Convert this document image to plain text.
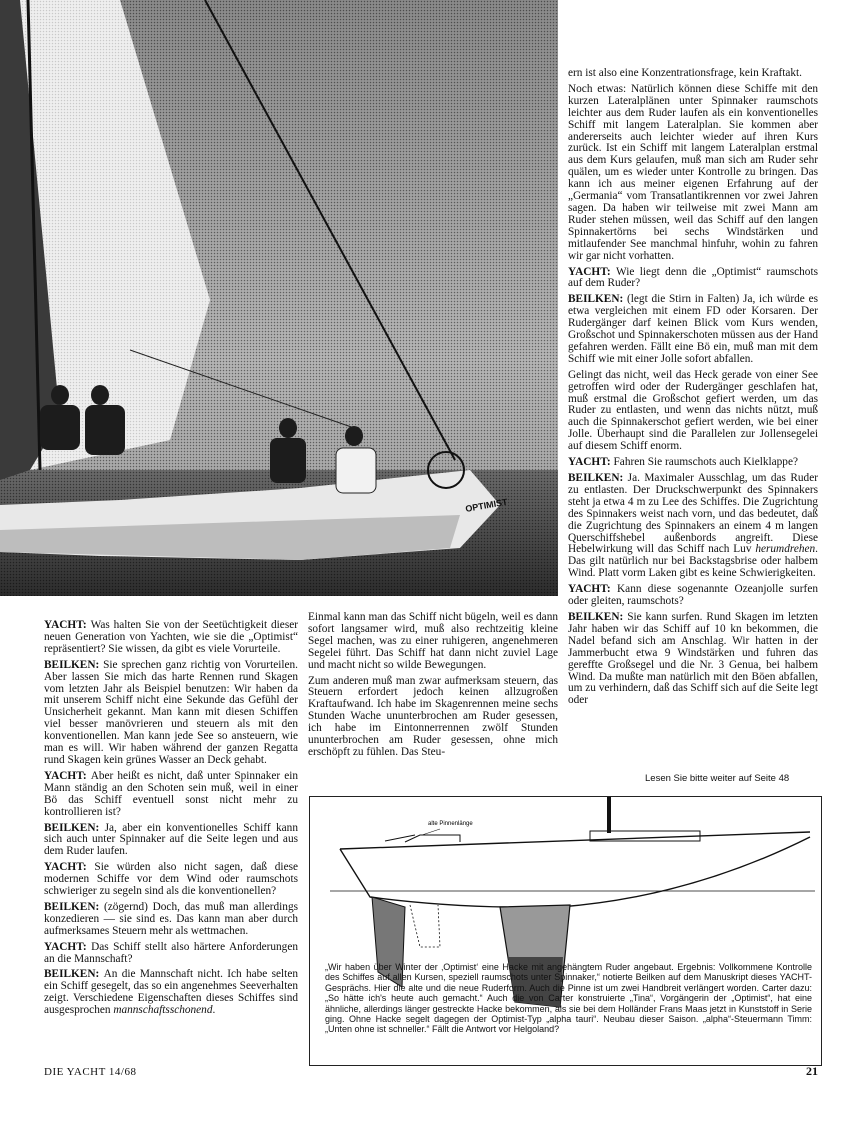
OPTIMIST

ern ist also eine Konzentrationsfrage, kein Kraftakt.

Noch etwas: Natürlich können diese Schiffe mit den kurzen Lateralplänen unter Spinnaker raumschots leichter aus dem Ruder laufen als ein konventionelles Schiff mit langem Lateralplan. Sie kommen aber andererseits auch leichter wieder auf ihren Kurs zurück. Ist ein Schiff mit langem Lateralplan erstmal aus dem Kurs gelaufen, muß man sich am Ruder sehr quälen, um es wieder unter Kontrolle zu bringen. Das kann ich aus meiner eigenen Erfahrung auf der „Germania“ vom Transatlantikrennen vor zwei Jahren sagen. Da haben wir teilweise mit zwei Mann am Ruder stehen müssen, weil das Schiff auf den langen Spinnakertörns bei sechs Windstärken und mitlaufender See manchmal hinfuhr, wohin zu fahren wir gar nicht vorhatten.

YACHT: Wie liegt denn die „Optimist“ raumschots auf dem Ruder?

BEILKEN: (legt die Stirn in Falten) Ja, ich würde es etwa vergleichen mit einem FD oder Korsaren. Der Rudergänger darf keinen Blick vom Kurs wenden, Großschot und Spinnakerschoten müssen aus der Hand gefahren werden. Fällt eine Bö ein, muß man mit dem Schiff wie mit einer Jolle sofort abfallen.

Gelingt das nicht, weil das Heck gerade von einer See getroffen wird oder der Rudergänger geschlafen hat, muß erstmal die Großschot gefiert werden, um das Ruder zu entlasten, und wenn das nichts nützt, muß auch die Spinnakerschot gefiert werden, wie bei einer Jolle. Überhaupt sind die Parallelen zur Jollensegelei auf diesem Schiff enorm.

YACHT: Fahren Sie raumschots auch Kielklappe?

BEILKEN: Ja. Maximaler Ausschlag, um das Ruder zu entlasten. Der Druckschwerpunkt des Spinnakers steht ja etwa 4 m zu Lee des Schiffes. Die Zugrichtung des Spinnakers weist nach vorn, und das bedeutet, daß die Zugrichtung des Spinnakers an einem 4 m langen Querschiffshebel außenbords angreift. Diese Hebelwirkung will das Schiff nach Luv herumdrehen. Das gilt natürlich nur bei Backstagsbrise oder halbem Wind. Platt vorm Laken gibt es keine Schwierigkeiten.

YACHT: Kann diese sogenannte Ozeanjolle surfen oder gleiten, raumschots?

BEILKEN: Sie kann surfen. Rund Skagen im letzten Jahr haben wir das Schiff auf 10 kn bekommen, die Nadel befand sich am Anschlag. Wir hatten in der Jammerbucht etwa 9 Windstärken und fuhren das gereffte Großsegel und die Nr. 3 Genua, bei halbem Wind. Da mußte man natürlich mit den Böen abfallen, um zu verhindern, daß das Schiff sich auf die Seite legt oder

YACHT: Was halten Sie von der Seetüchtigkeit dieser neuen Generation von Yachten, wie sie die „Optimist“ repräsentiert? Sie wissen, da gibt es viele Vorurteile.

BEILKEN: Sie sprechen ganz richtig von Vorurteilen. Aber lassen Sie mich das harte Rennen rund Skagen vom letzten Jahr als Beispiel benutzen: Wir haben da mit unserem Schiff nicht eine Sekunde das Gefühl der Unsicherheit gekannt. Man kann mit diesen Schiffen viel besser manövrieren und steuern als mit den konventionellen. Man kann jede See so ansteuern, wie man es will. Wir haben während der ganzen Regatta rund Skagen kein grünes Wasser an Deck gehabt.

YACHT: Aber heißt es nicht, daß unter Spinnaker ein Mann ständig an den Schoten sein muß, weil in einer Bö das Schiff eventuell sonst nicht mehr zu kontrollieren ist?

BEILKEN: Ja, aber ein konventionelles Schiff kann sich auch unter Spinnaker auf die Seite legen und aus dem Ruder laufen.

YACHT: Sie würden also nicht sagen, daß diese modernen Schiffe vor dem Wind oder raumschots schwieriger zu segeln sind als die konventionellen?

BEILKEN: (zögernd) Doch, das muß man allerdings konzedieren — sie sind es. Das kann man aber durch aufmerksames Steuern mehr als wettmachen.

YACHT: Das Schiff stellt also härtere Anforderungen an die Mannschaft?

BEILKEN: An die Mannschaft nicht. Ich habe selten ein Schiff gesegelt, das so ein angenehmes Seeverhalten zeigt. Verschiedene Eigenschaften dieses Schiffes sind ausgesprochen mannschaftsschonend.

Einmal kann man das Schiff nicht bügeln, weil es dann sofort langsamer wird, muß also rechtzeitig kleine Segel machen, was zu einer ruhigeren, angenehmeren Segelei führt. Das Schiff hat dann nicht zuviel Lage und macht nicht so wilde Bewegungen.

Zum anderen muß man zwar aufmerksam steuern, das Steuern erfordert jedoch keinen allzugroßen Kraftaufwand. Ich habe im Skagenrennen meine sechs Stunden Wache ununterbrochen am Ruder gesessen, ich habe im Eintonnerrennen zwölf Stunden ununterbrochen am Ruder gesessen, ohne mich erschöpft zu fühlen. Das Steu-

Lesen Sie bitte weiter auf Seite 48
alte Pinnenlänge

„Wir haben über Winter der ‚Optimist‘ eine Hacke mit angehängtem Ruder angebaut. Ergebnis: Vollkommene Kontrolle des Schiffes auf allen Kursen, speziell raumschots unter Spinnaker,“ notierte Beilken auf dem Manuskript dieses YACHT-Gesprächs. Hier die alte und die neue Ruderform. Auch die Pinne ist um zwei Handbreit verlängert worden. Carter dazu: „So hätte ich's heute auch gemacht.“ Auch die von Carter konstruierte „Tina“, Vorgängerin der „Optimist“, hat eine ähnliche, allerdings länger gestreckte Hacke bekommen, als sie bei dem Holländer Frans Maas jetzt in Kunststoff in Serie ging. Ohne Hacke segelt dagegen der Optimist-Typ „alpha tauri“. Neubau dieser Saison. „alpha“-Steuermann Timm: „Unten ohne ist schneller.“ Fällt die Antwort vor Helgoland?

DIE YACHT 14/68	21
